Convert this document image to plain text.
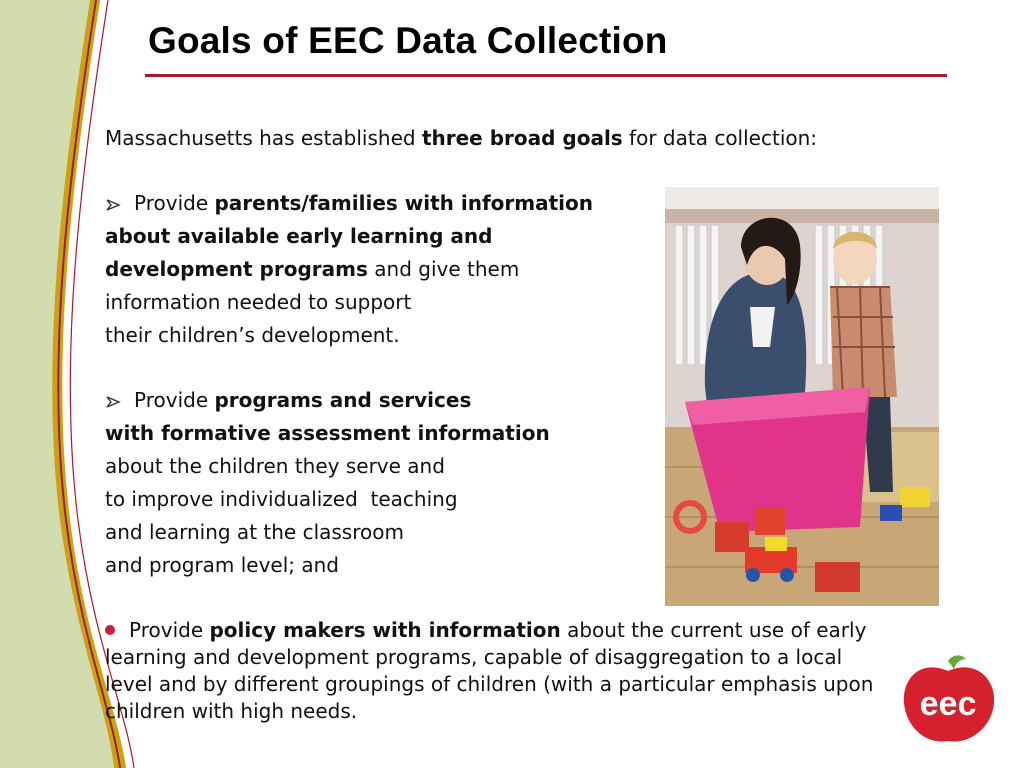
Goals of EEC Data Collection
Massachusetts has established three broad goals for data collection:
Provide parents/families with information
about available early learning and
development programs and give them
information needed to support
their children’s development.
Provide programs and services
with formative assessment information
about the children they serve and
to improve individualized  teaching
and learning at the classroom
and program level; and
Provide policy makers with information about the current use of early
learning and development programs, capable of disaggregation to a local
level and by different groupings of children (with a particular emphasis upon
children with high needs.	eec
